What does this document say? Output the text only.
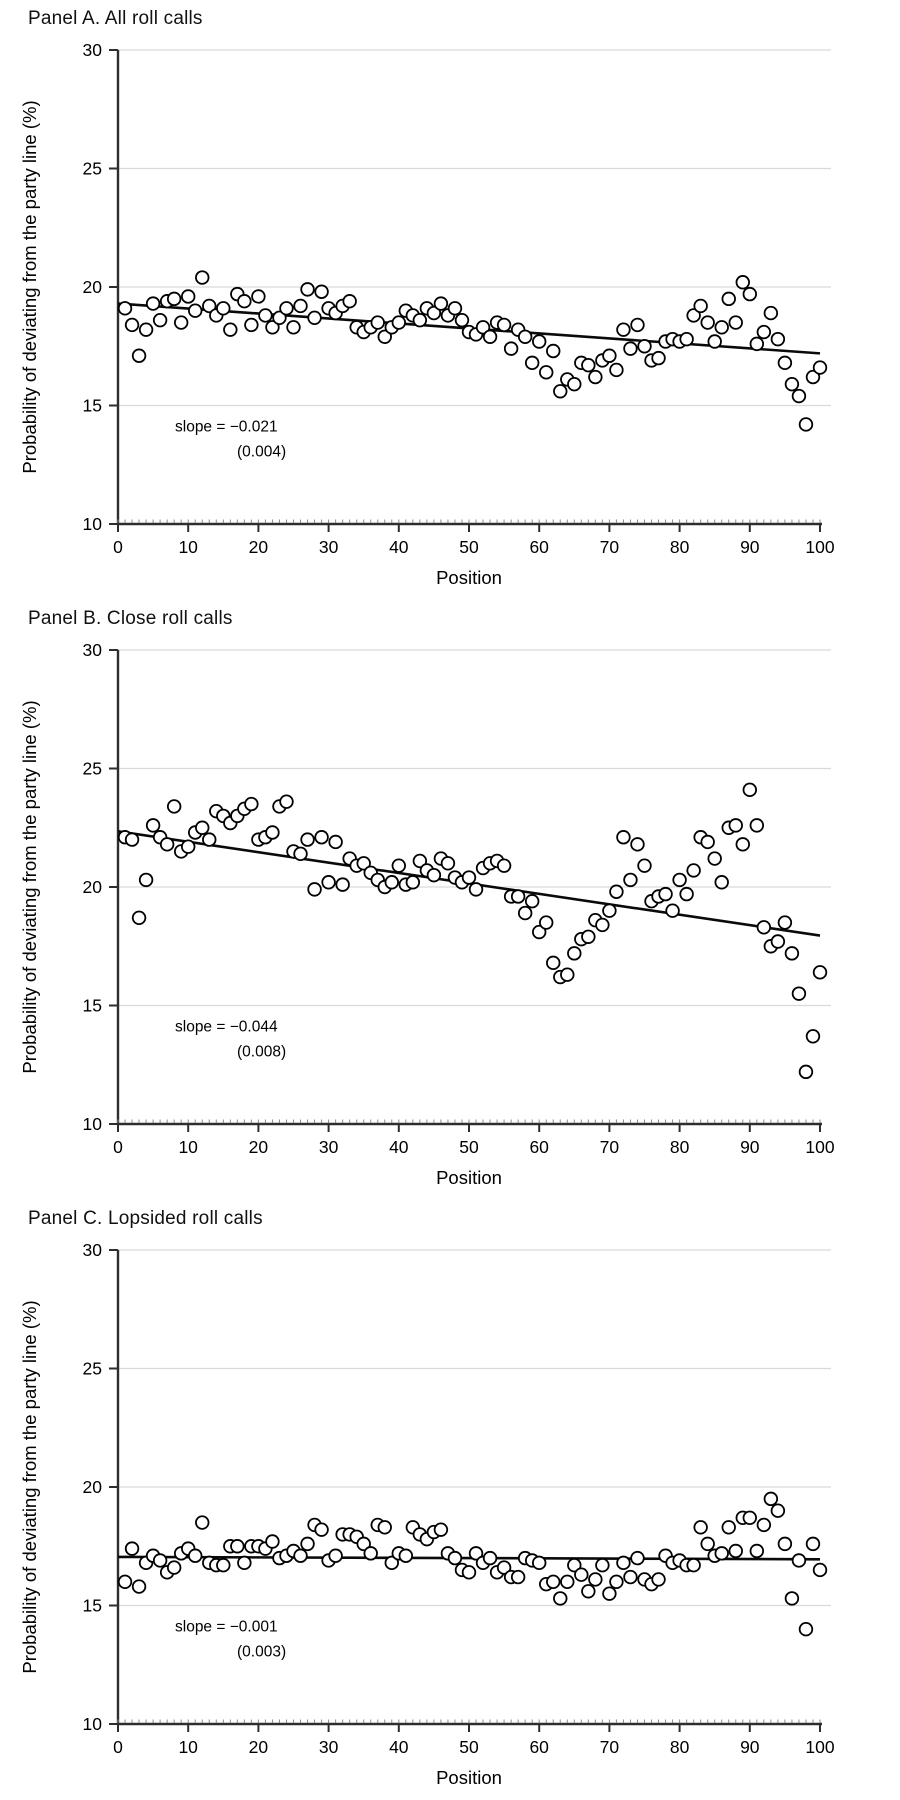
Panel A. All roll calls
10
15
20
25
30
0	10	20	30	40	50	60	70	80	90	100
slope = −0.021
(0.004)
Position
Probability of deviating from the party line (%)
Panel B. Close roll calls
10
15
20
25
30
0	10	20	30	40	50	60	70	80	90	100
slope = −0.044
(0.008)
Position
Probability of deviating from the party line (%)
Panel C. Lopsided roll calls
10
15
20
25
30
0	10	20	30	40	50	60	70	80	90	100
slope = −0.001
(0.003)
Position
Probability of deviating from the party line (%)
